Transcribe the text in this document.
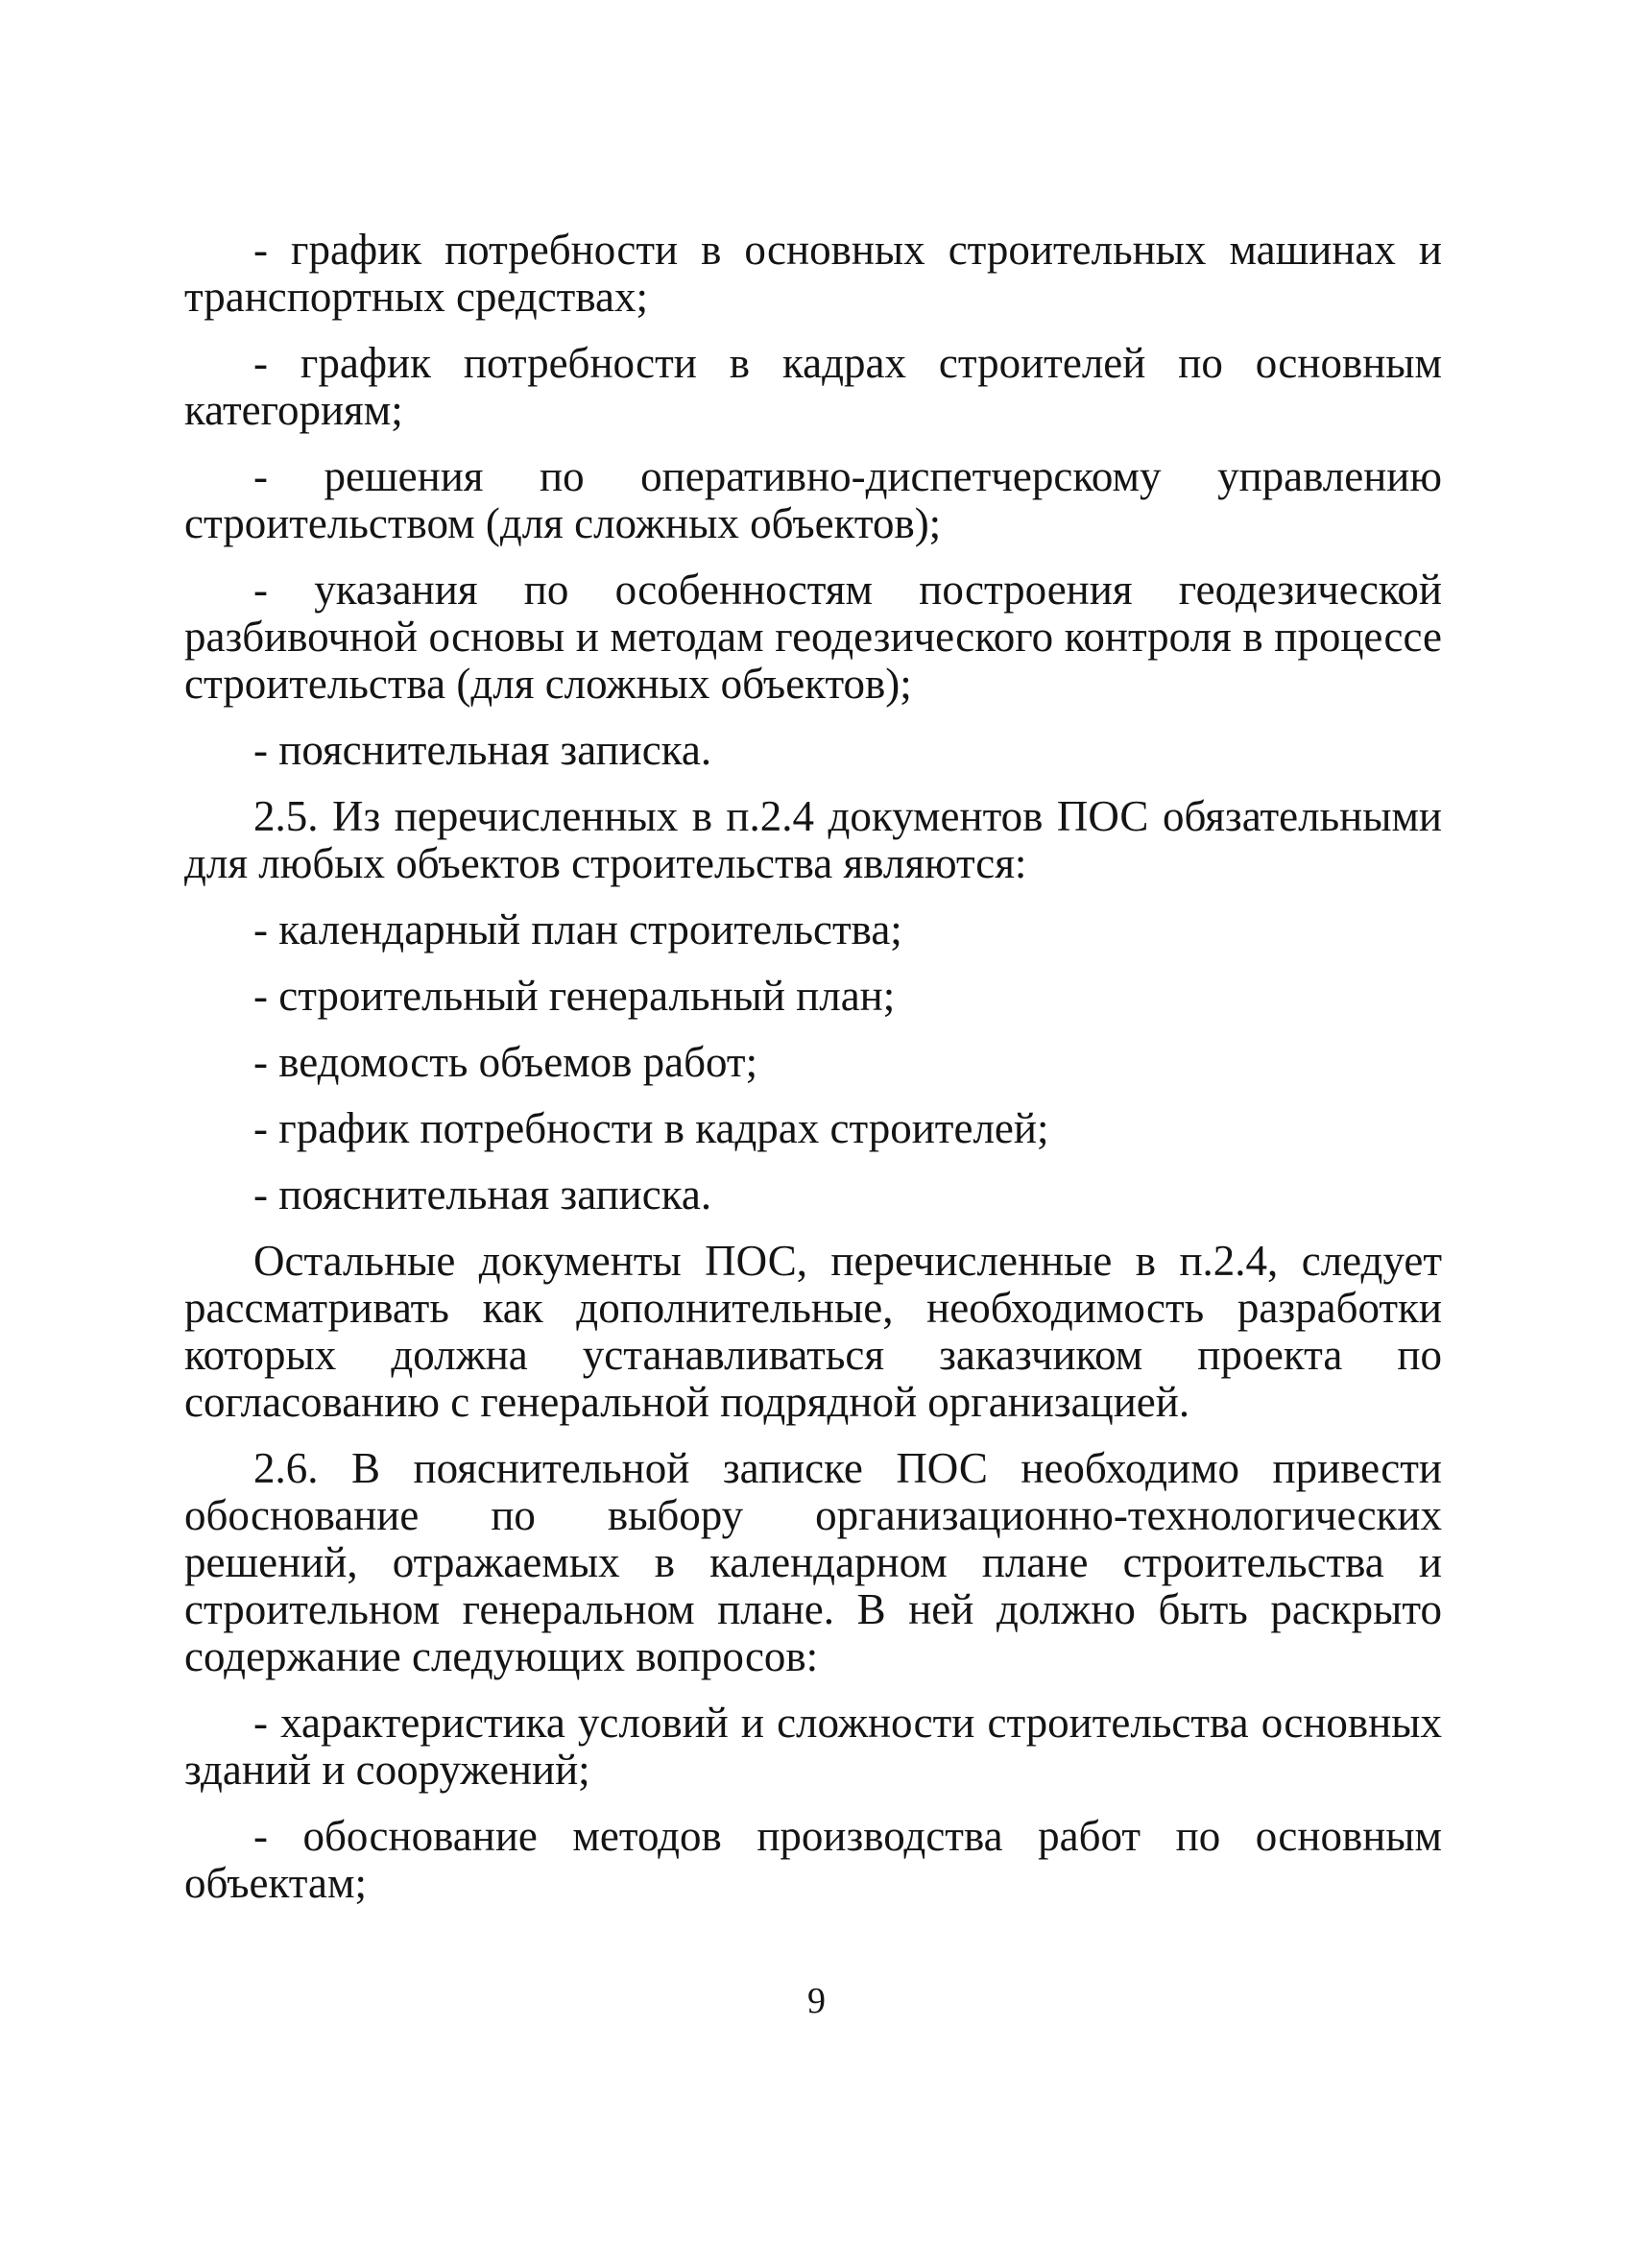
- график потребности в основных строительных машинах и транспортных средствах;

- график потребности в кадрах строителей по основным категориям;

- решения по оперативно-диспетчерскому управлению строительством (для сложных объектов);

- указания по особенностям построения геодезической разбивочной основы и методам геодезического контроля в процессе строительства (для сложных объектов);

- пояснительная записка.

2.5. Из перечисленных в п.2.4 документов ПОС обязательными для любых объектов строительства являются:

- календарный план строительства;

- строительный генеральный план;

- ведомость объемов работ;

- график потребности в кадрах строителей;

- пояснительная записка.

Остальные документы ПОС, перечисленные в п.2.4, следует рассматривать как дополнительные, необходимость разработки которых должна устанавливаться заказчиком проекта по согласованию с генеральной подрядной организацией.

2.6. В пояснительной записке ПОС необходимо привести обоснование по выбору организационно-технологических решений, отражаемых в календарном плане строительства и строительном генеральном плане. В ней должно быть раскрыто содержание следующих вопросов:

- характеристика условий и сложности строительства основных зданий и сооружений;

- обоснование методов производства работ по основным объектам;

9
